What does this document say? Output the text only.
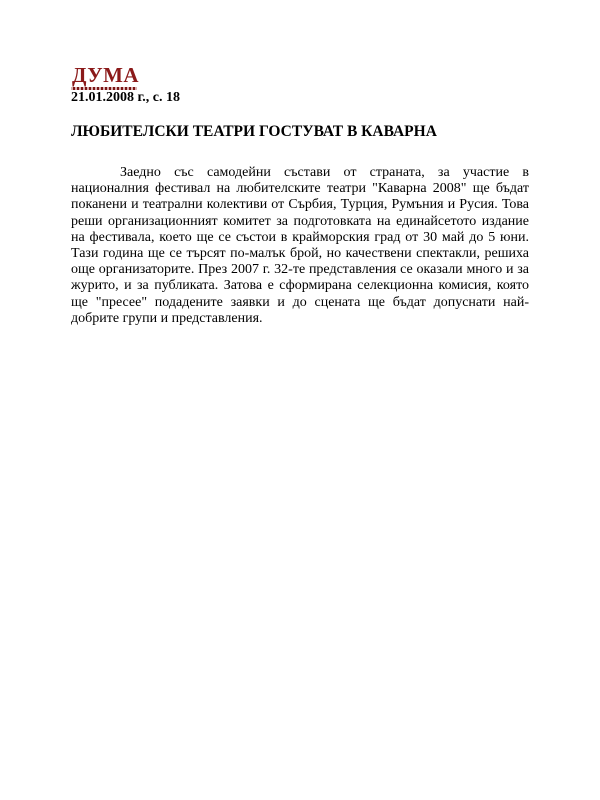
ДУМА
21.01.2008 г., с. 18
ЛЮБИТЕЛСКИ ТЕАТРИ ГОСТУВАТ В КАВАРНА

Заедно със самодейни състави от страната, за участие в националния фестивал на любителските театри "Каварна 2008" ще бъдат поканени и театрални колективи от Сърбия, Турция, Румъния и Русия. Това реши организационният комитет за подготовката на единайсетото издание на фестивала, което ще се състои в крайморския град от 30 май до 5 юни. Тази година ще се търсят по-малък брой, но качествени спектакли, решиха още организаторите. През 2007 г. 32-те представления се оказали много и за журито, и за публиката. Затова е сформирана селекционна комисия, която ще "пресее" подадените заявки и до сцената ще бъдат допуснати най-добрите групи и представления.
